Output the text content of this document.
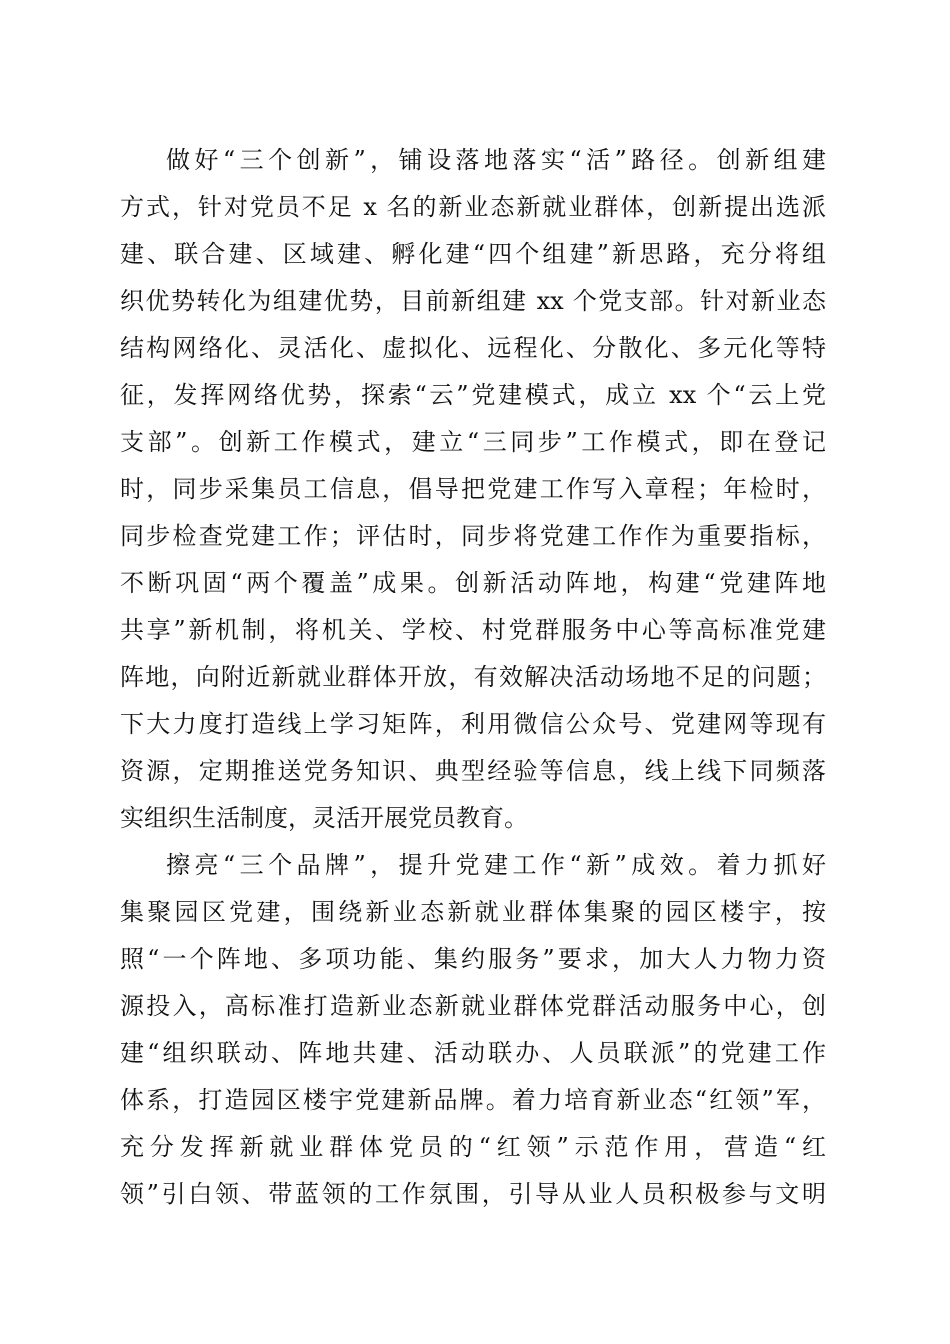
做好“三个创新”，铺设落地落实“活”路径。创新组建
方式，针对党员不足 x 名的新业态新就业群体，创新提出选派
建、联合建、区域建、孵化建“四个组建”新思路，充分将组
织优势转化为组建优势，目前新组建 xx 个党支部。针对新业态
结构网络化、灵活化、虚拟化、远程化、分散化、多元化等特
征，发挥网络优势，探索“云”党建模式，成立 xx 个“云上党
支部”。创新工作模式，建立“三同步”工作模式，即在登记
时，同步采集员工信息，倡导把党建工作写入章程；年检时，
同步检查党建工作；评估时，同步将党建工作作为重要指标，
不断巩固“两个覆盖”成果。创新活动阵地，构建“党建阵地
共享”新机制，将机关、学校、村党群服务中心等高标准党建
阵地，向附近新就业群体开放，有效解决活动场地不足的问题；
下大力度打造线上学习矩阵，利用微信公众号、党建网等现有
资源，定期推送党务知识、典型经验等信息，线上线下同频落
实组织生活制度，灵活开展党员教育。
擦亮“三个品牌”，提升党建工作“新”成效。着力抓好
集聚园区党建，围绕新业态新就业群体集聚的园区楼宇，按
照“一个阵地、多项功能、集约服务”要求，加大人力物力资
源投入，高标准打造新业态新就业群体党群活动服务中心，创
建“组织联动、阵地共建、活动联办、人员联派”的党建工作
体系，打造园区楼宇党建新品牌。着力培育新业态“红领”军，
充分发挥新就业群体党员的“红领”示范作用，营造“红
领”引白领、带蓝领的工作氛围，引导从业人员积极参与文明
